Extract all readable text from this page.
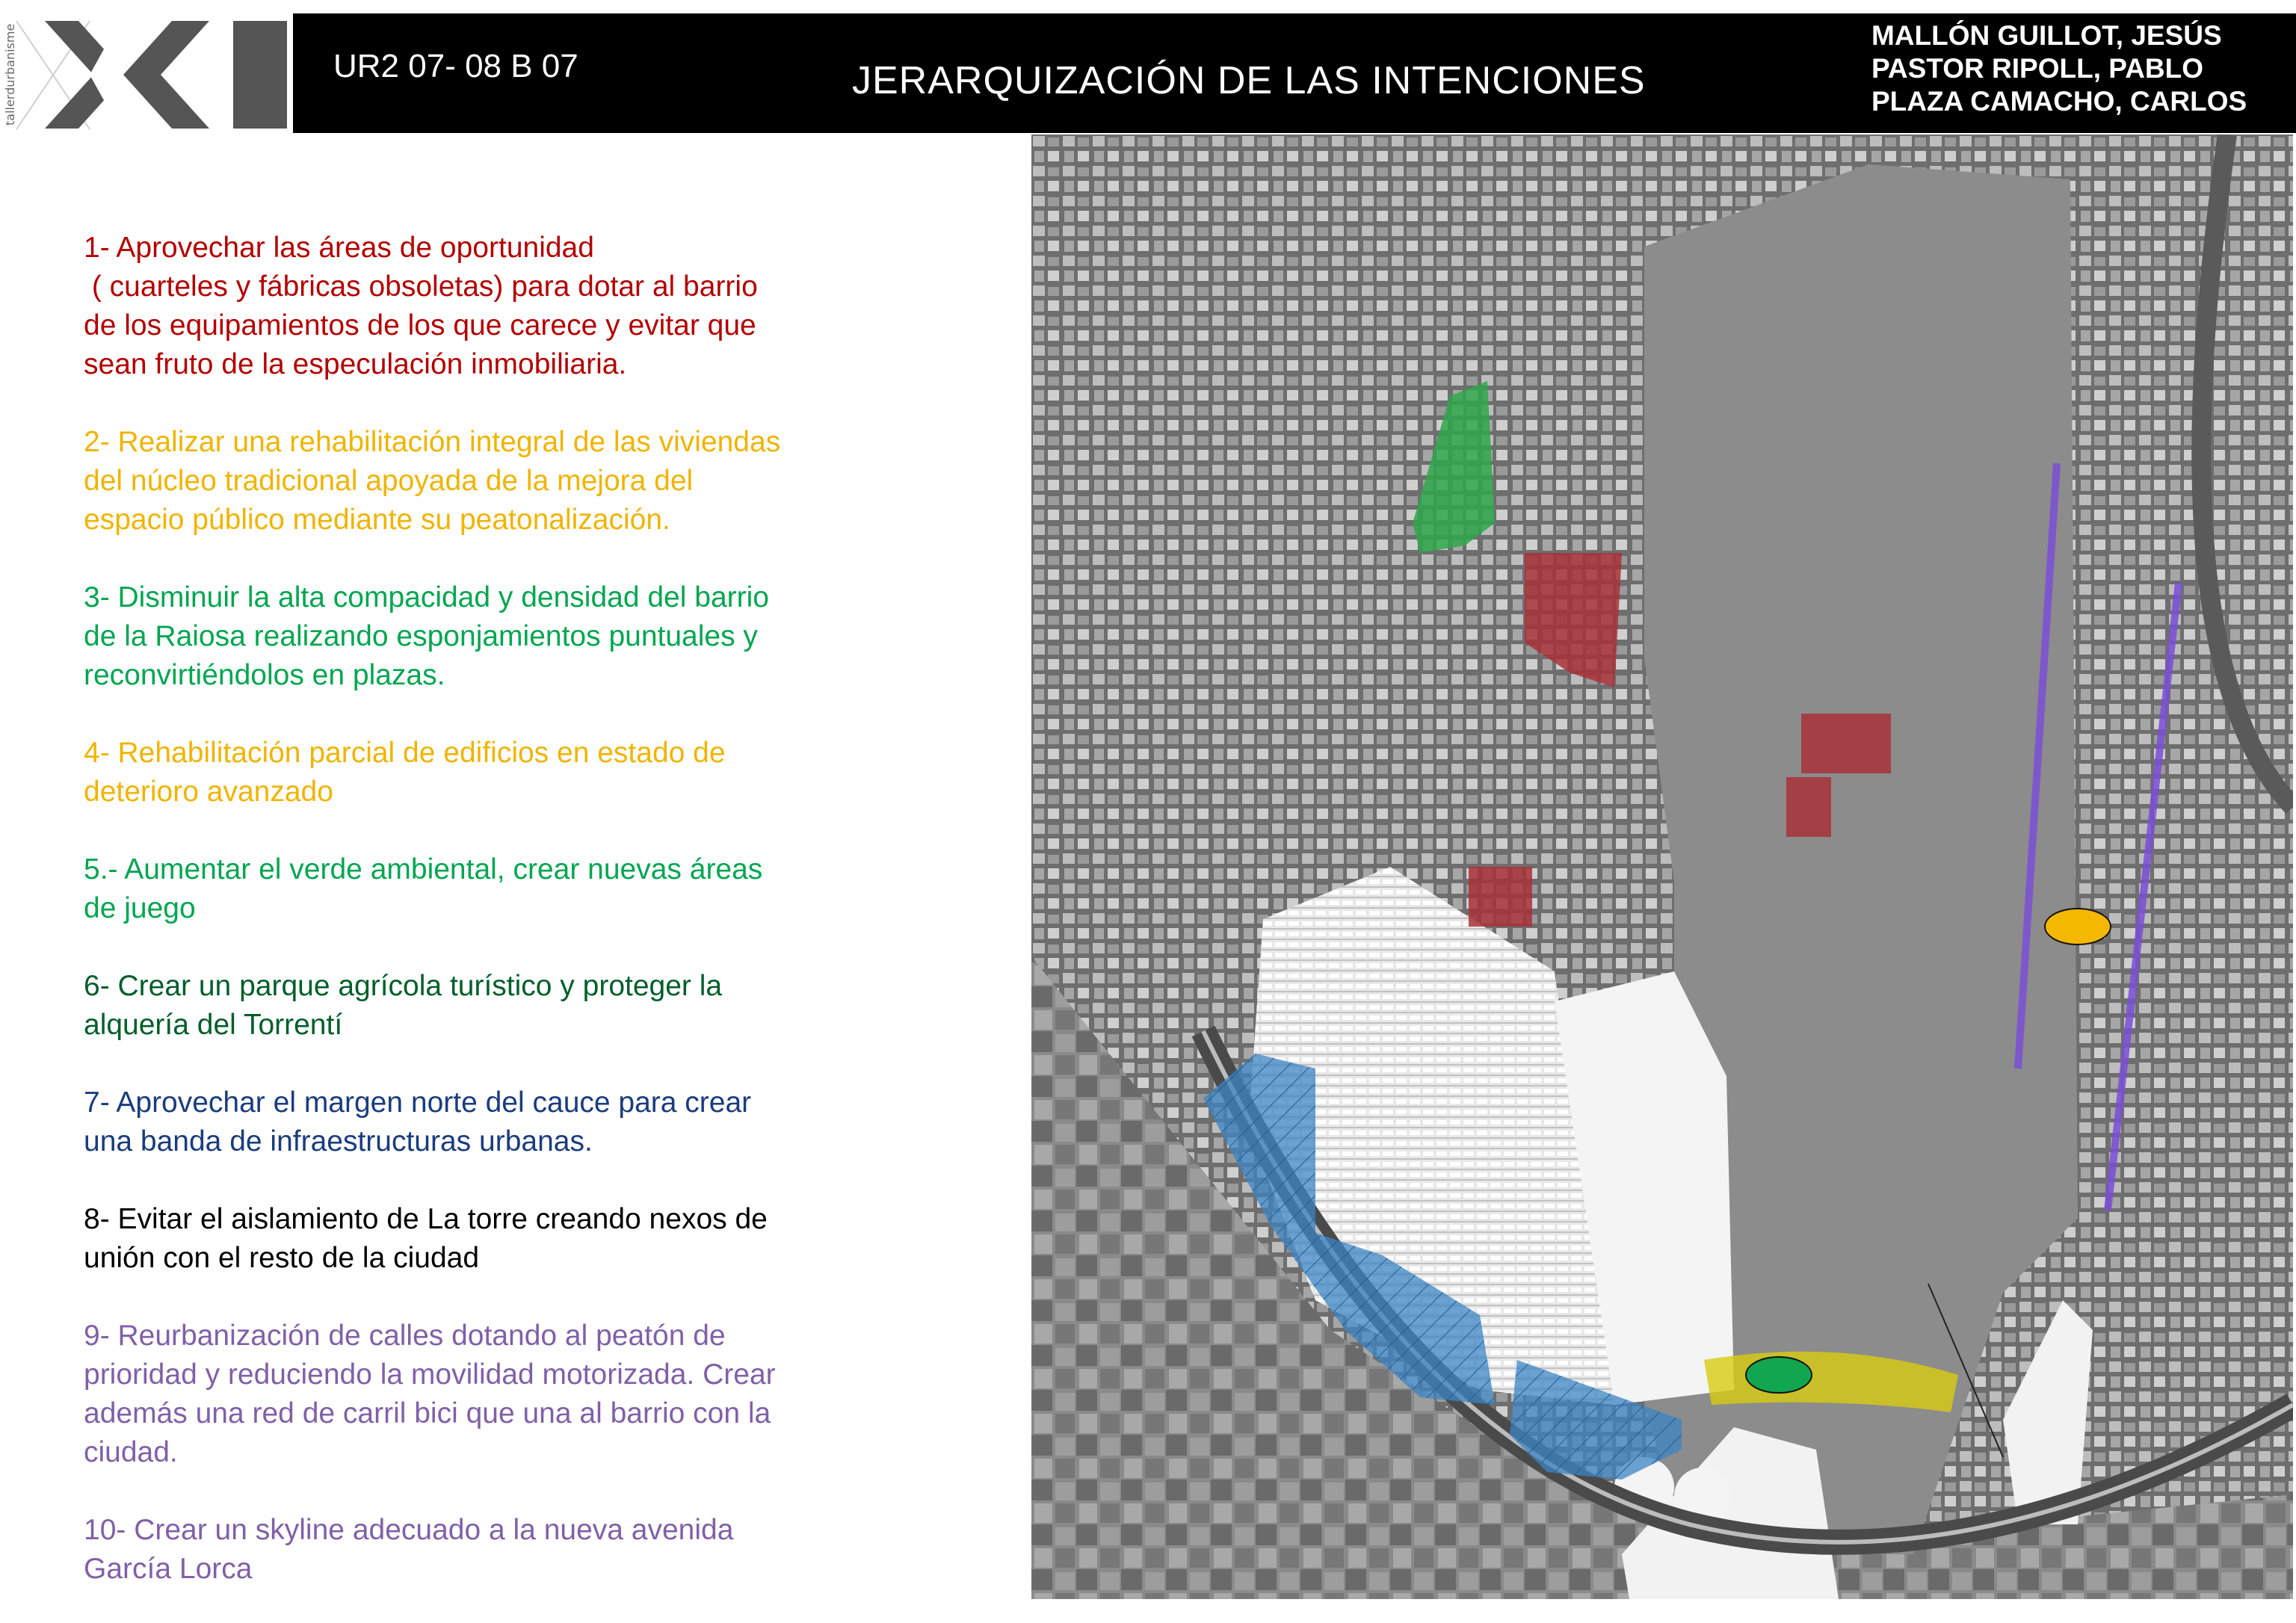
tallerdurbanisme	UR2 07- 08 B 07	JERARQUIZACIÓN DE LAS INTENCIONES
MALLÓN GUILLOT, JESÚS
PASTOR RIPOLL, PABLO
PLAZA CAMACHO, CARLOS
1- Aprovechar las áreas de oportunidad
( cuarteles y fábricas obsoletas) para dotar al barrio
de los equipamientos de los que carece y evitar que
sean fruto de la especulación inmobiliaria.
2- Realizar una rehabilitación integral de las viviendas
del núcleo tradicional apoyada de la mejora del
espacio público mediante su peatonalización.
3- Disminuir la alta compacidad y densidad del barrio
de la Raiosa realizando esponjamientos puntuales y
reconvirtiéndolos en plazas.
4- Rehabilitación parcial de edificios en estado de
deterioro avanzado
5.- Aumentar el verde ambiental, crear nuevas áreas
de juego
6- Crear un parque agrícola turístico y proteger la
alquería del Torrentí
7- Aprovechar el margen norte del cauce para crear
una banda de infraestructuras urbanas.
8- Evitar el aislamiento de La torre creando nexos de
unión con el resto de la ciudad
9- Reurbanización de calles dotando al peatón de
prioridad y reduciendo la movilidad motorizada. Crear
además una red de carril bici que una al barrio con la
ciudad.
10- Crear un skyline adecuado a la nueva avenida
García Lorca
